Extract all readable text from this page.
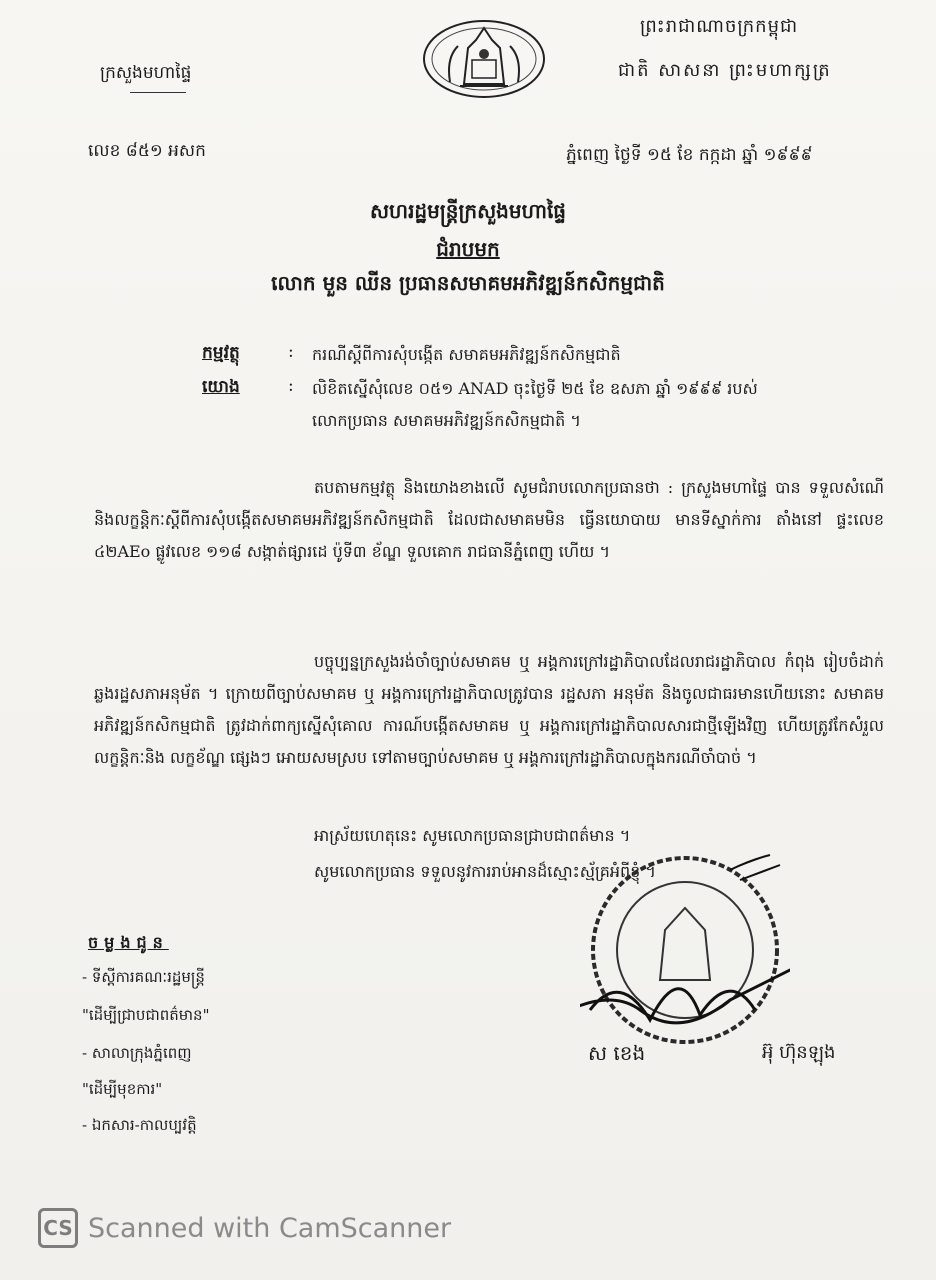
ក្រសួងមហាផ្ទៃ
ព្រះរាជាណាចក្រកម្ពុជា
ជាតិ សាសនា ព្រះមហាក្សត្រ
លេខ ៨៥១ អសក	ភ្នំពេញ ថ្ងៃទី ១៥ ខែ កក្កដា ឆ្នាំ ១៩៩៩
សហរដ្ឋមន្ត្រីក្រសួងមហាផ្ទៃ
ជំរាបមក
លោក មួន ឈីន ប្រធានសមាគមអភិវឌ្ឍន៍កសិកម្មជាតិ
កម្មវត្ថុ	: ករណីស្តីពីការសុំបង្កើត សមាគមអភិវឌ្ឍន៍កសិកម្មជាតិ
យោង	: លិខិតស្នើសុំលេខ ០៥១ ANAD ចុះថ្ងៃទី ២៥ ខែ ឧសភា ឆ្នាំ ១៩៩៩ របស់
លោកប្រធាន សមាគមអភិវឌ្ឍន៍កសិកម្មជាតិ ។
តបតាមកម្មវត្ថុ និងយោងខាងលើ សូមជំរាបលោកប្រធានថា : ក្រសួងមហាផ្ទៃ បាន ទទួលសំណើនិងលក្ខន្តិកៈស្តីពីការសុំបង្កើតសមាគមអភិវឌ្ឍន៍កសិកម្មជាតិ ដែលជាសមាគមមិន ធ្វើនយោបាយ មានទីស្នាក់ការ តាំងនៅ ផ្ទះលេខ ៤២AEo ផ្លូវលេខ ១១៨ សង្កាត់ផ្សារដេ ប៉ូទី៣ ខ័ណ្ឌ ទួលគោក រាជធានីភ្នំពេញ ហើយ ។
បច្ចុប្បន្នក្រសួងរង់ចាំច្បាប់សមាគម ឬ អង្គការក្រៅរដ្ឋាភិបាលដែលរាជរដ្ឋាភិបាល កំពុង រៀបចំដាក់ឆ្លងរដ្ឋសភាអនុម័ត ។ ក្រោយពីច្បាប់សមាគម ឬ អង្គការក្រៅរដ្ឋាភិបាលត្រូវបាន រដ្ឋសភា អនុម័ត និងចូលជាធរមានហើយនោះ សមាគមអភិវឌ្ឍន៍កសិកម្មជាតិ ត្រូវដាក់ពាក្យស្នើសុំគោល ការណ៍បង្កើតសមាគម ឬ អង្គការក្រៅរដ្ឋាភិបាលសារជាថ្មីឡើងវិញ ហើយត្រូវកែសំរួលលក្ខន្តិកៈនិង លក្ខខ័ណ្ឌ ផ្សេងៗ អោយសមស្រប ទៅតាមច្បាប់សមាគម ឬ អង្គការក្រៅរដ្ឋាភិបាលក្នុងករណីចាំបាច់ ។
អាស្រ័យហេតុនេះ សូមលោកប្រធានជ្រាបជាពត៌មាន ។
សូមលោកប្រធាន ទទួលនូវការរាប់អានដ៏ស្មោះស្ម័គ្រអំពីខ្ញុំ ។
ចម្លងជូន
- ទីស្តីការគណៈរដ្ឋមន្ត្រី
"ដើម្បីជ្រាបជាពត៌មាន"
- សាលាក្រុងភ្នំពេញ
"ដើម្បីមុខការ"
- ឯកសារ-កាលប្បវត្តិ
ស ខេង	អ៊ុ ហ៊ុនឡុង
CS Scanned with CamScanner
